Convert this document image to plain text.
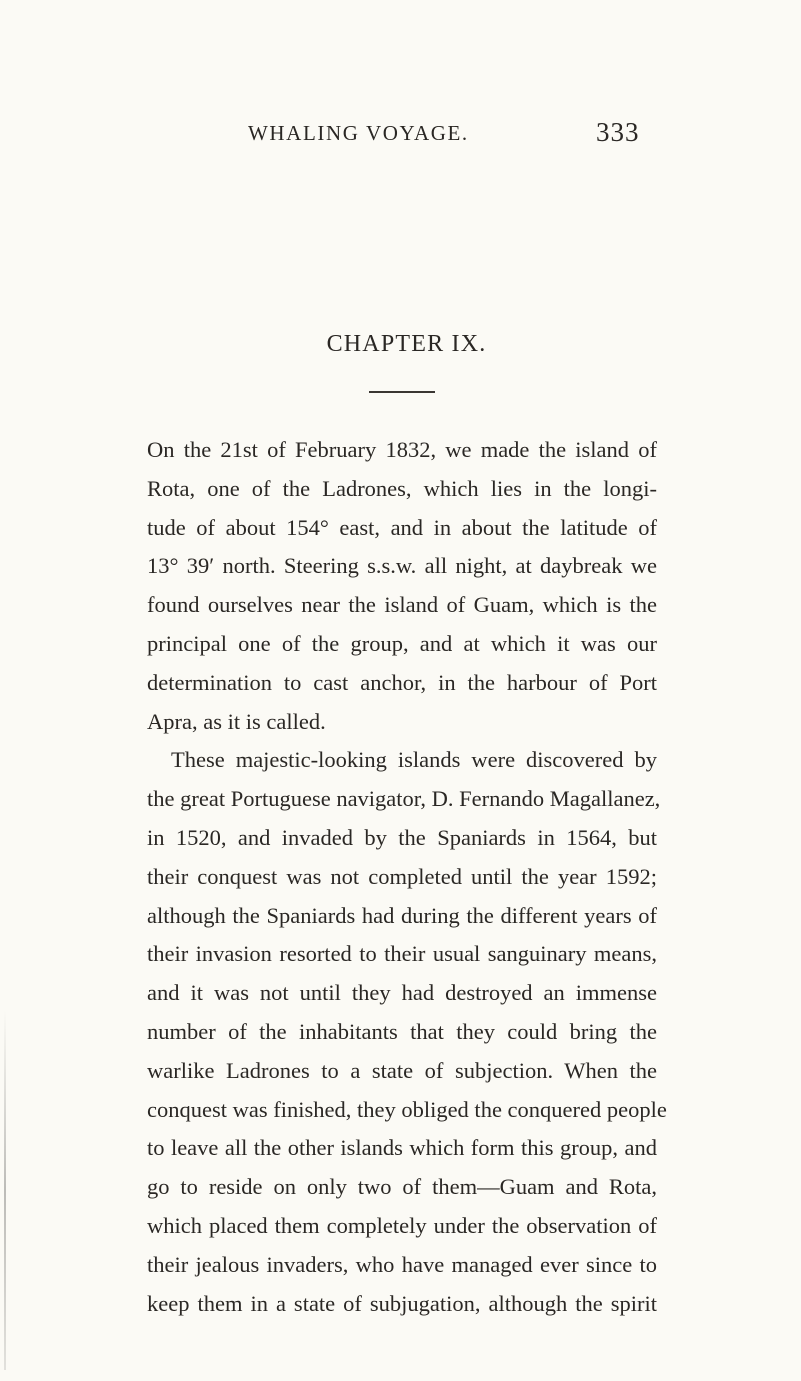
WHALING VOYAGE.	333
CHAPTER IX.
On the 21st of February 1832, we made the island of
Rota, one of the Ladrones, which lies in the longi-
tude of about 154° east, and in about the latitude of
13° 39′ north. Steering s.s.w. all night, at daybreak we
found ourselves near the island of Guam, which is the
principal one of the group, and at which it was our
determination to cast anchor, in the harbour of Port
Apra, as it is called.
These majestic-looking islands were discovered by
the great Portuguese navigator, D. Fernando Magallanez,
in 1520, and invaded by the Spaniards in 1564, but
their conquest was not completed until the year 1592;
although the Spaniards had during the different years of
their invasion resorted to their usual sanguinary means,
and it was not until they had destroyed an immense
number of the inhabitants that they could bring the
warlike Ladrones to a state of subjection. When the
conquest was finished, they obliged the conquered people
to leave all the other islands which form this group, and
go to reside on only two of them—Guam and Rota,
which placed them completely under the observation of
their jealous invaders, who have managed ever since to
keep them in a state of subjugation, although the spirit
